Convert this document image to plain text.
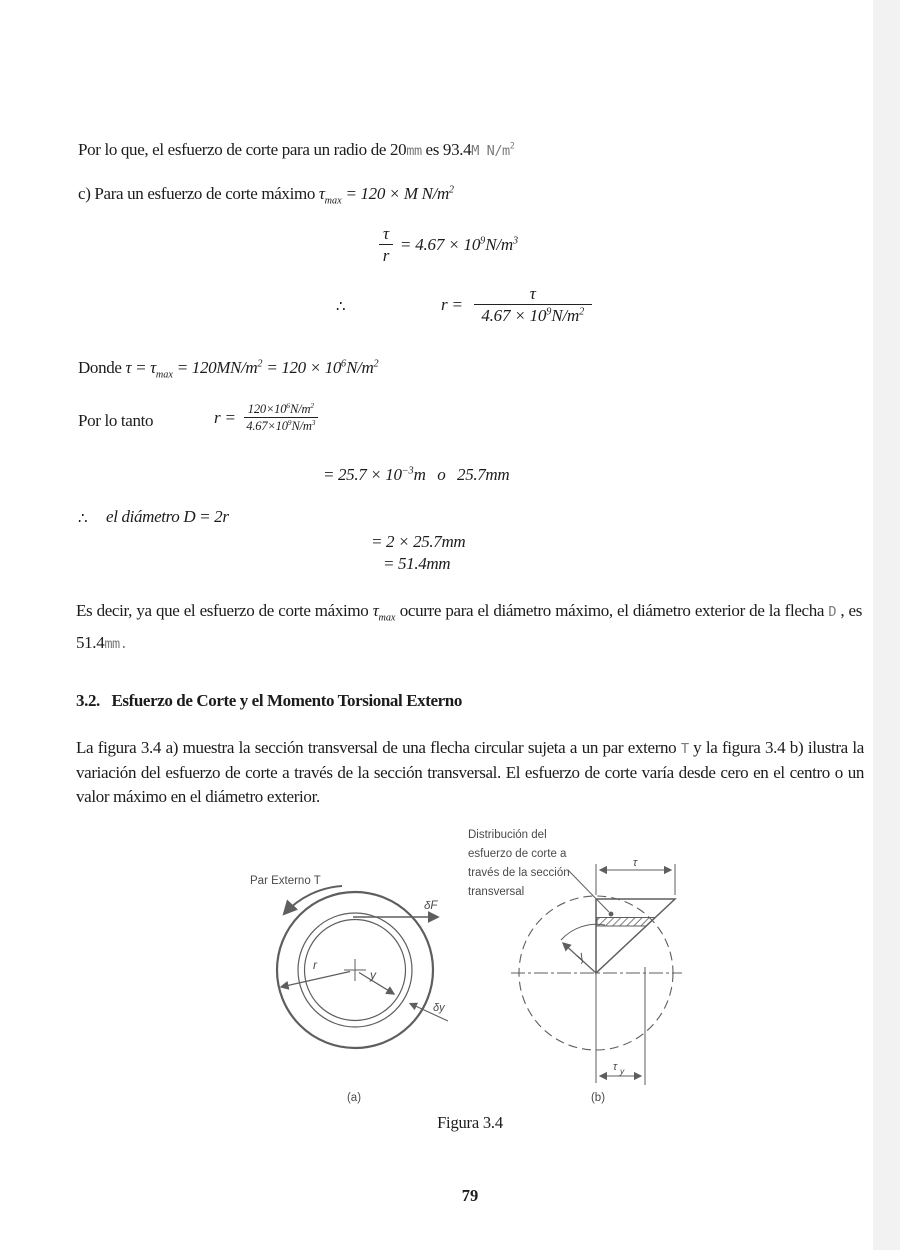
Por lo que, el esfuerzo de corte para un radio de 20mm es 93.4M $N/m^2$
c) Para un esfuerzo de corte máximo $\tau_{max} = 120 \times M$ $N/m^2$
$\frac{\tau}{r} = 4.67 \times 10^9N/m^3$
∴	$r = \frac{\tau}{4.67 \times 10^9N/m^2}$
Donde $\tau = \tau_{max} = 120MN/m^2 = 120 \times 10^6N/m^2$
Por lo tanto	$r = \frac{120\times 10^6N/m^2}{4.67\times 10^9N/m^3}$
= $25.7 \times 10^{-3}m$   o   25.7mm
∴ el diámetro D = 2r
= 2 × 25.7mm
= 51.4mm
Es decir, ya que el esfuerzo de corte máximo $\tau_{max}$ ocurre para el diámetro máximo, el diámetro exterior de la flecha D , es 51.4mm.
3.2.   Esfuerzo de Corte y el Momento Torsional Externo
La figura 3.4 a) muestra la sección transversal de una flecha circular sujeta a un par externo T y la figura 3.4 b) ilustra la variación del esfuerzo de corte a través de la sección transversal. El esfuerzo de corte varía desde cero en el centro o un valor máximo en el diámetro exterior.
Par Externo T
δF
r
y
δy
(a)
Distribución del
esfuerzo de corte a
través de la sección
transversal
τ
y
τ y
(b)
Figura 3.4
79
